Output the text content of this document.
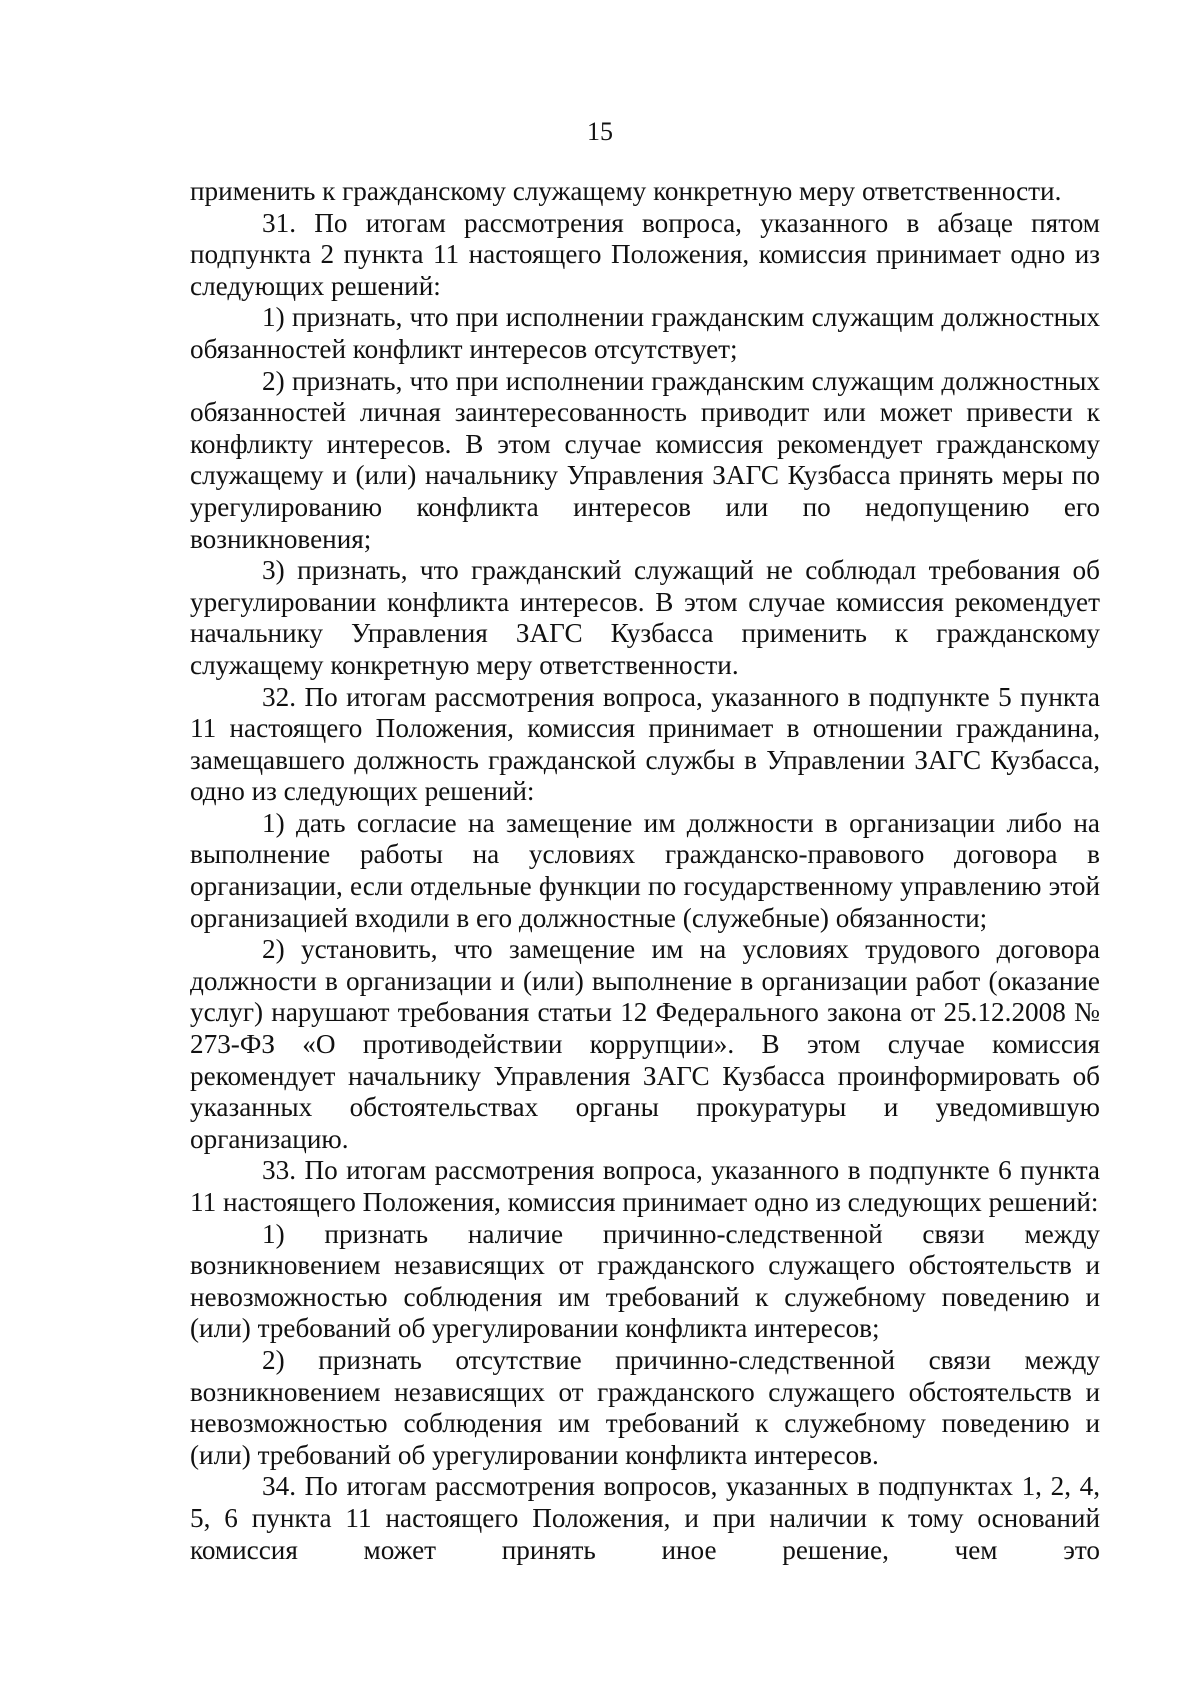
15

применить к гражданскому служащему конкретную меру ответственности.

31. По итогам рассмотрения вопроса, указанного в абзаце пятом подпункта 2 пункта 11 настоящего Положения, комиссия принимает одно из следующих решений:

1) признать, что при исполнении гражданским служащим должностных обязанностей конфликт интересов отсутствует;

2) признать, что при исполнении гражданским служащим должностных обязанностей личная заинтересованность приводит или может привести к конфликту интересов. В этом случае комиссия рекомендует гражданскому служащему и (или) начальнику Управления ЗАГС Кузбасса принять меры по урегулированию конфликта интересов или по недопущению его возникновения;

3) признать, что гражданский служащий не соблюдал требования об урегулировании конфликта интересов. В этом случае комиссия рекомендует начальнику Управления ЗАГС Кузбасса применить к гражданскому служащему конкретную меру ответственности.

32. По итогам рассмотрения вопроса, указанного в подпункте 5 пункта 11 настоящего Положения, комиссия принимает в отношении гражданина, замещавшего должность гражданской службы в Управлении ЗАГС Кузбасса, одно из следующих решений:

1) дать согласие на замещение им должности в организации либо на выполнение работы на условиях гражданско-правового договора в организации, если отдельные функции по государственному управлению этой организацией входили в его должностные (служебные) обязанности;

2) установить, что замещение им на условиях трудового договора должности в организации и (или) выполнение в организации работ (оказание услуг) нарушают требования статьи 12 Федерального закона от 25.12.2008 № 273-ФЗ «О противодействии коррупции». В этом случае комиссия рекомендует начальнику Управления ЗАГС Кузбасса проинформировать об указанных обстоятельствах органы прокуратуры и уведомившую организацию.

33. По итогам рассмотрения вопроса, указанного в подпункте 6 пункта 11 настоящего Положения, комиссия принимает одно из следующих решений:

1) признать наличие причинно-следственной связи между возникновением независящих от гражданского служащего обстоятельств и невозможностью соблюдения им требований к служебному поведению и (или) требований об урегулировании конфликта интересов;

2) признать отсутствие причинно-следственной связи между возникновением независящих от гражданского служащего обстоятельств и невозможностью соблюдения им требований к служебному поведению и (или) требований об урегулировании конфликта интересов.

34. По итогам рассмотрения вопросов, указанных в подпунктах 1, 2, 4, 5, 6 пункта 11 настоящего Положения, и при наличии к тому оснований комиссия может принять иное решение, чем это
